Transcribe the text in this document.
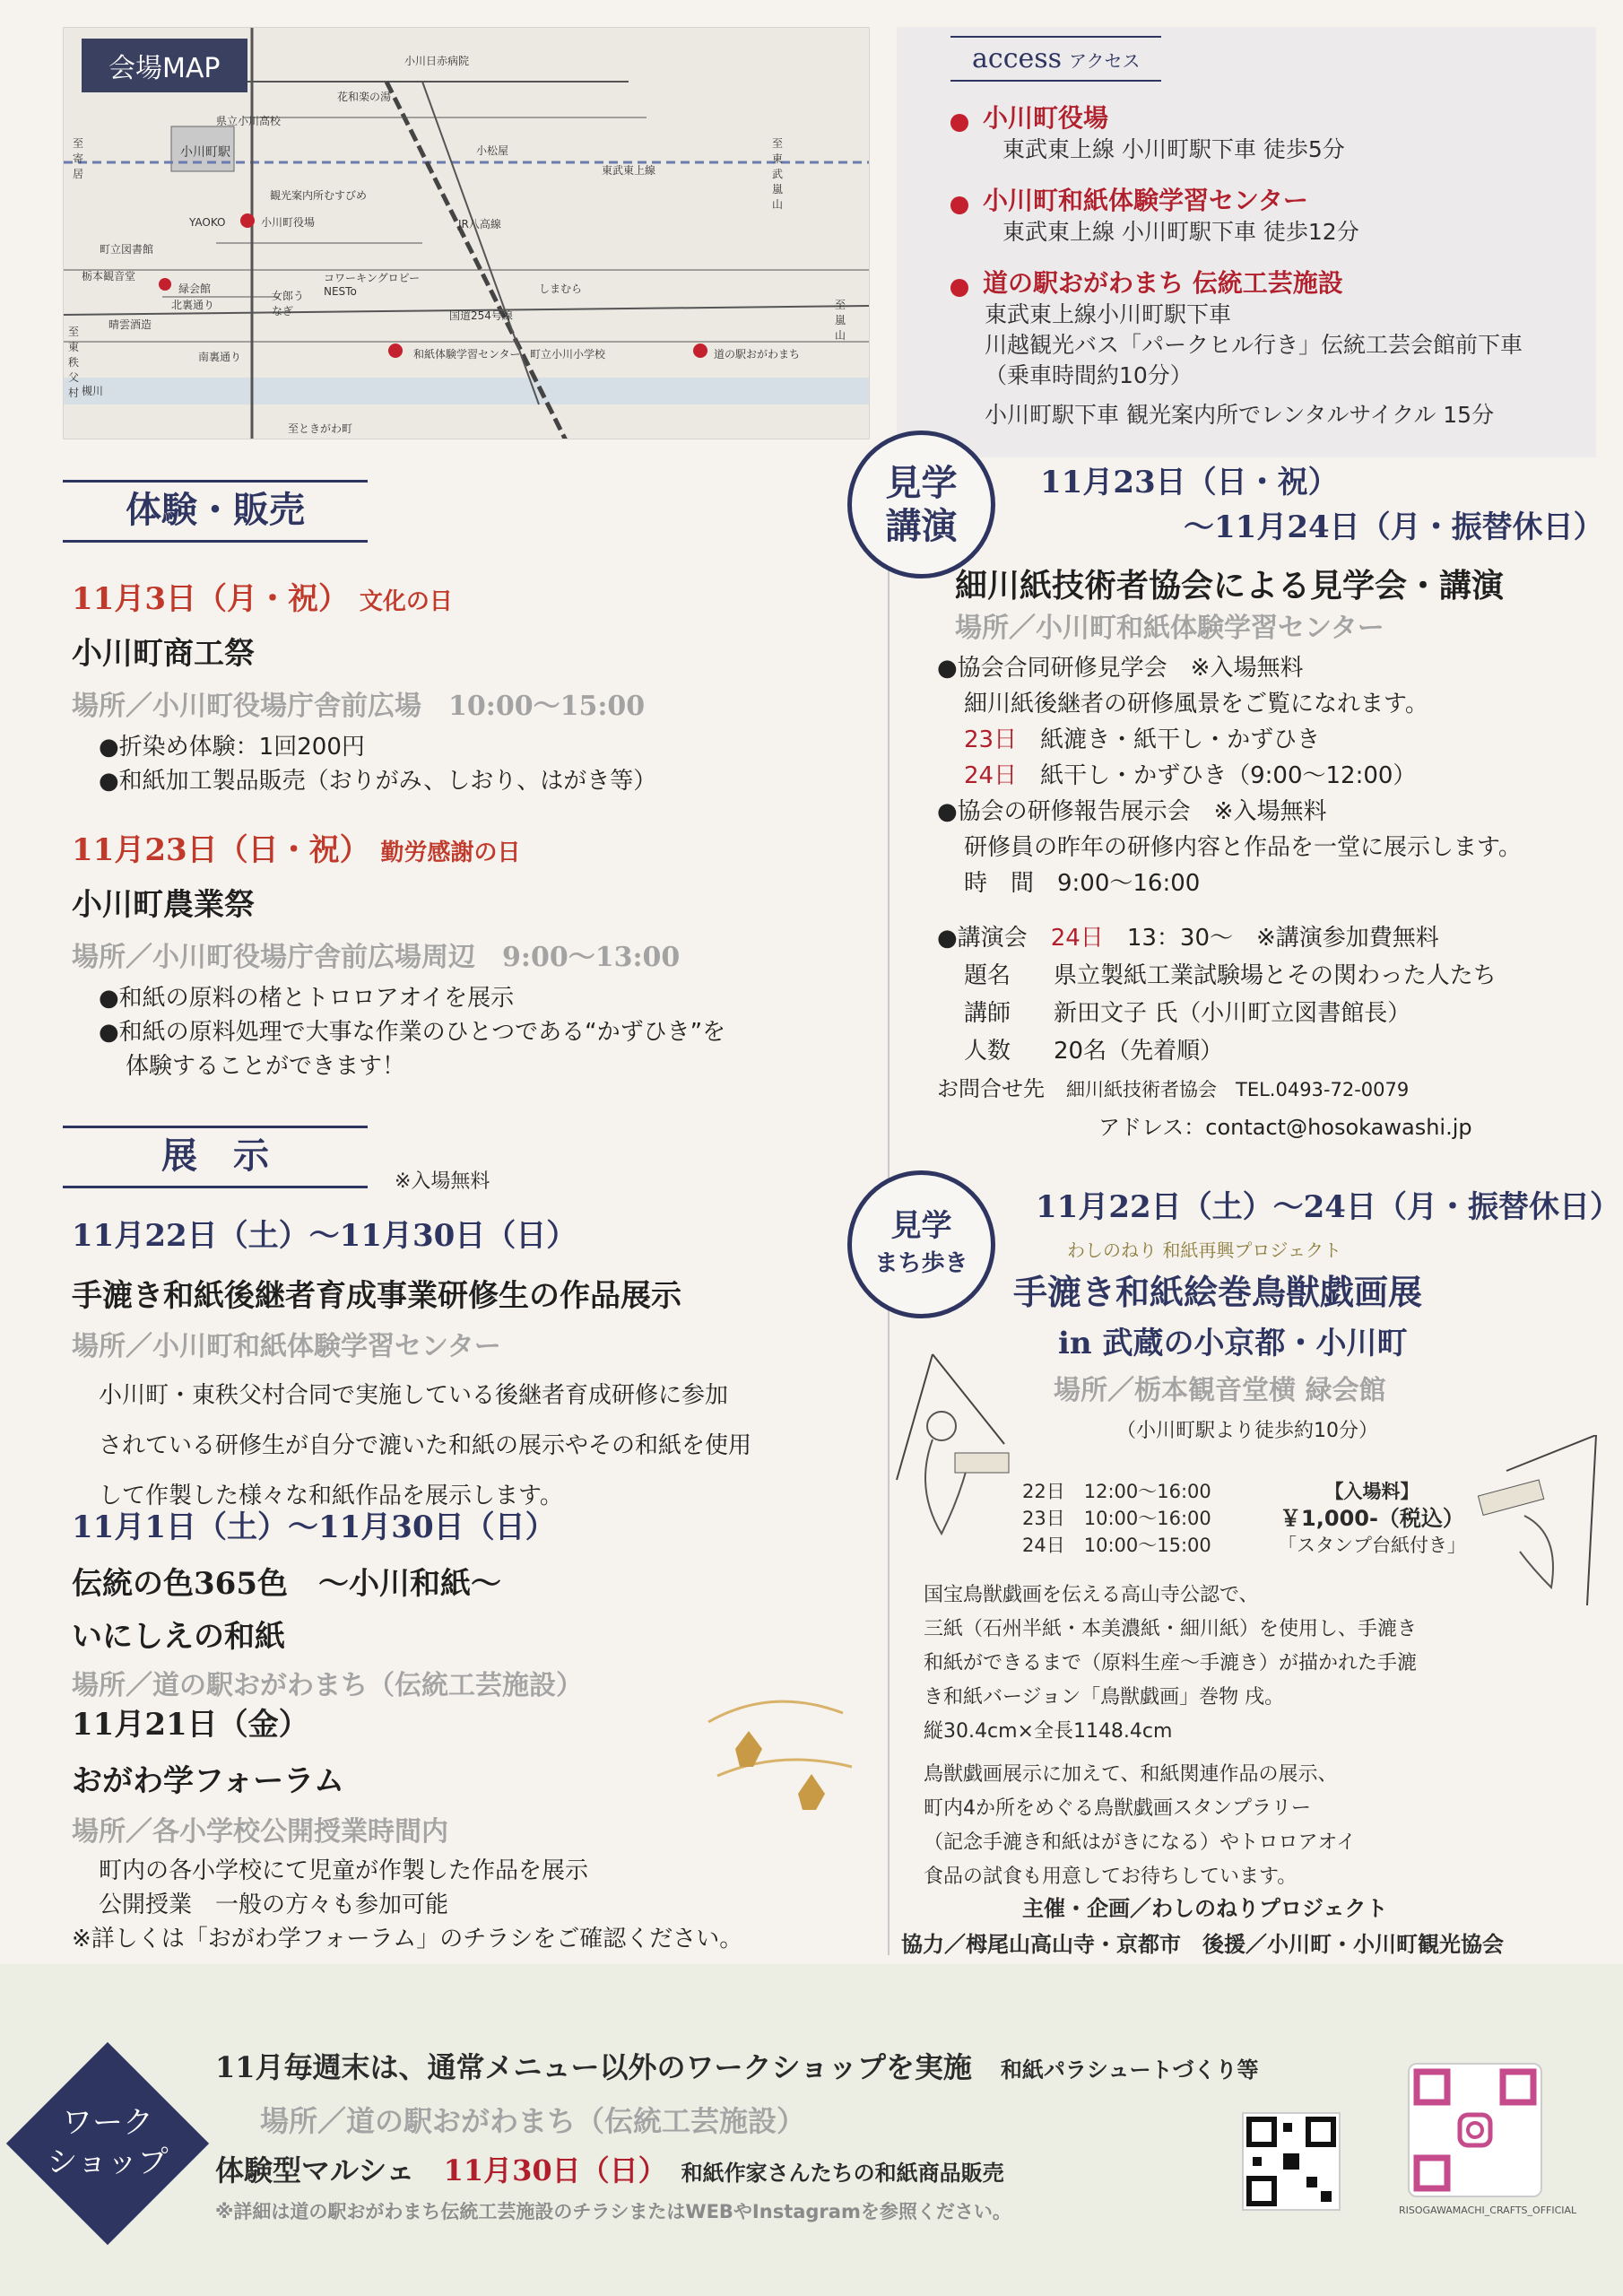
会場MAP	小川日赤病院
花和楽の湯
県立小川高校
至寄居
小川町駅	小松屋
東武東上線
至東武嵐山
観光案内所むすびめ
YAOKO	小川町役場	JR八高線
町立図書館
栃本観音堂
緑会館
北裏通り
コワーキングロビー NESTo
女郎うなぎ
しまむら
晴雲酒造
国道254号線
至東秩父村
南裏通り	和紙体験学習センター 町立小川小学校	道の駅おがわまち
至嵐山
槻川
至ときがわ町
access アクセス
小川町役場
東武東上線 小川町駅下車 徒歩5分
小川町和紙体験学習センター
東武東上線 小川町駅下車 徒歩12分
道の駅おがわまち 伝統工芸施設
東武東上線小川町駅下車
川越観光バス「パークヒル行き」伝統工芸会館前下車
（乗車時間約10分）
小川町駅下車 観光案内所でレンタルサイクル 15分
体験・販売
11月3日（月・祝） 文化の日
小川町商工祭
場所／小川町役場庁舎前広場　10:00～15:00
●折染め体験：1回200円
●和紙加工製品販売（おりがみ、しおり、はがき等）
11月23日（日・祝） 勤労感謝の日
小川町農業祭
場所／小川町役場庁舎前広場周辺　9:00～13:00
●和紙の原料の楮とトロロアオイを展示
●和紙の原料処理で大事な作業のひとつである“かずひき”を
体験することができます！
展　示
※入場無料
11月22日（土）～11月30日（日）
手漉き和紙後継者育成事業研修生の作品展示
場所／小川町和紙体験学習センター
小川町・東秩父村合同で実施している後継者育成研修に参加
されている研修生が自分で漉いた和紙の展示やその和紙を使用
して作製した様々な和紙作品を展示します。
11月1日（土）～11月30日（日）
伝統の色365色　～小川和紙～
いにしえの和紙
場所／道の駅おがわまち（伝統工芸施設）
11月21日（金）
おがわ学フォーラム
場所／各小学校公開授業時間内
町内の各小学校にて児童が作製した作品を展示
公開授業　一般の方々も参加可能
※詳しくは「おがわ学フォーラム」のチラシをご確認ください。
見学
講演
11月23日（日・祝）
～11月24日（月・振替休日）
細川紙技術者協会による見学会・講演
場所／小川町和紙体験学習センター
●協会合同研修見学会　※入場無料
細川紙後継者の研修風景をご覧になれます。
23日　 紙漉き・紙干し・かずひき
24日　 紙干し・かずひき（9:00～12:00）
●協会の研修報告展示会　※入場無料
研修員の昨年の研修内容と作品を一堂に展示します。
時　間　9:00～16:00
●講演会　 24日　 13：30～　※講演参加費無料
題名 県立製紙工業試験場とその関わった人たち
講師 新田文子 氏（小川町立図書館長）
人数 20名（先着順）
お問合せ先　 細川紙技術者協会　TEL.0493-72-0079
アドレス：contact@hosokawashi.jp
見学
まち歩き
11月22日（土）～24日（月・振替休日）
わしのねり 和紙再興プロジェクト
手漉き和紙絵巻鳥獣戯画展
in 武蔵の小京都・小川町
場所／栃本観音堂横 緑会館
（小川町駅より徒歩約10分）
22日　12:00～16:00
23日　10:00～16:00
24日　10:00～15:00
【入場料】
￥1,000-（税込）
「スタンプ台紙付き」
国宝鳥獣戯画を伝える高山寺公認で、
三紙（石州半紙・本美濃紙・細川紙）を使用し、手漉き
和紙ができるまで（原料生産～手漉き）が描かれた手漉
き和紙バージョン「鳥獣戯画」巻物 戌。
縦30.4cm×全長1148.4cm
鳥獣戯画展示に加えて、和紙関連作品の展示、
町内4か所をめぐる鳥獣戯画スタンプラリー
（記念手漉き和紙はがきになる）やトロロアオイ
食品の試食も用意してお待ちしています。
主催・企画／わしのねりプロジェクト
協力／栂尾山高山寺・京都市　後援／小川町・小川町観光協会
ワーク
ショップ
11月毎週末は、通常メニュー以外のワークショップを実施　 和紙パラシュートづくり等
場所／道の駅おがわまち（伝統工芸施設）
体験型マルシェ　 11月30日（日）　 和紙作家さんたちの和紙商品販売
※詳細は道の駅おがわまち伝統工芸施設のチラシまたはWEBやInstagramを参照ください。	RISOGAWAMACHI_CRAFTS_OFFICIAL
